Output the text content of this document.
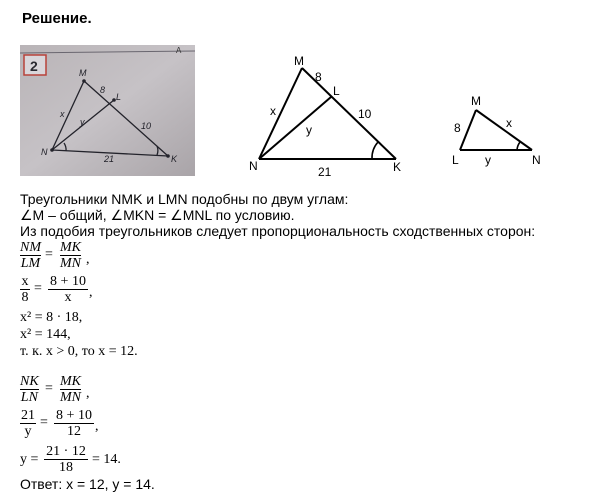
Решение.
2
A
M
L
N
K
x
y
8
10
21
M
L
N	K
x
y
8
10
21
M
L	N
8	x
y
Треугольники NMK и LMN подобны по двум углам:
∠M – общий, ∠MKN = ∠MNL по условию.
Из подобия треугольников следует пропорциональность сходственных сторон:
$\frac{NM}{LM} = \frac{MK}{MN}$ ,
$\frac{x}{8} = \frac{8 + 10}{x}$ ,
x² = 8 · 18,
x² = 144,
т. к. x > 0, то x = 12.
$\frac{NK}{LN} = \frac{MK}{MN}$ ,
$\frac{21}{y} = \frac{8 + 10}{12}$ ,
$y = \frac{21 \cdot 12}{18} = 14$.
Ответ: x = 12, y = 14.
